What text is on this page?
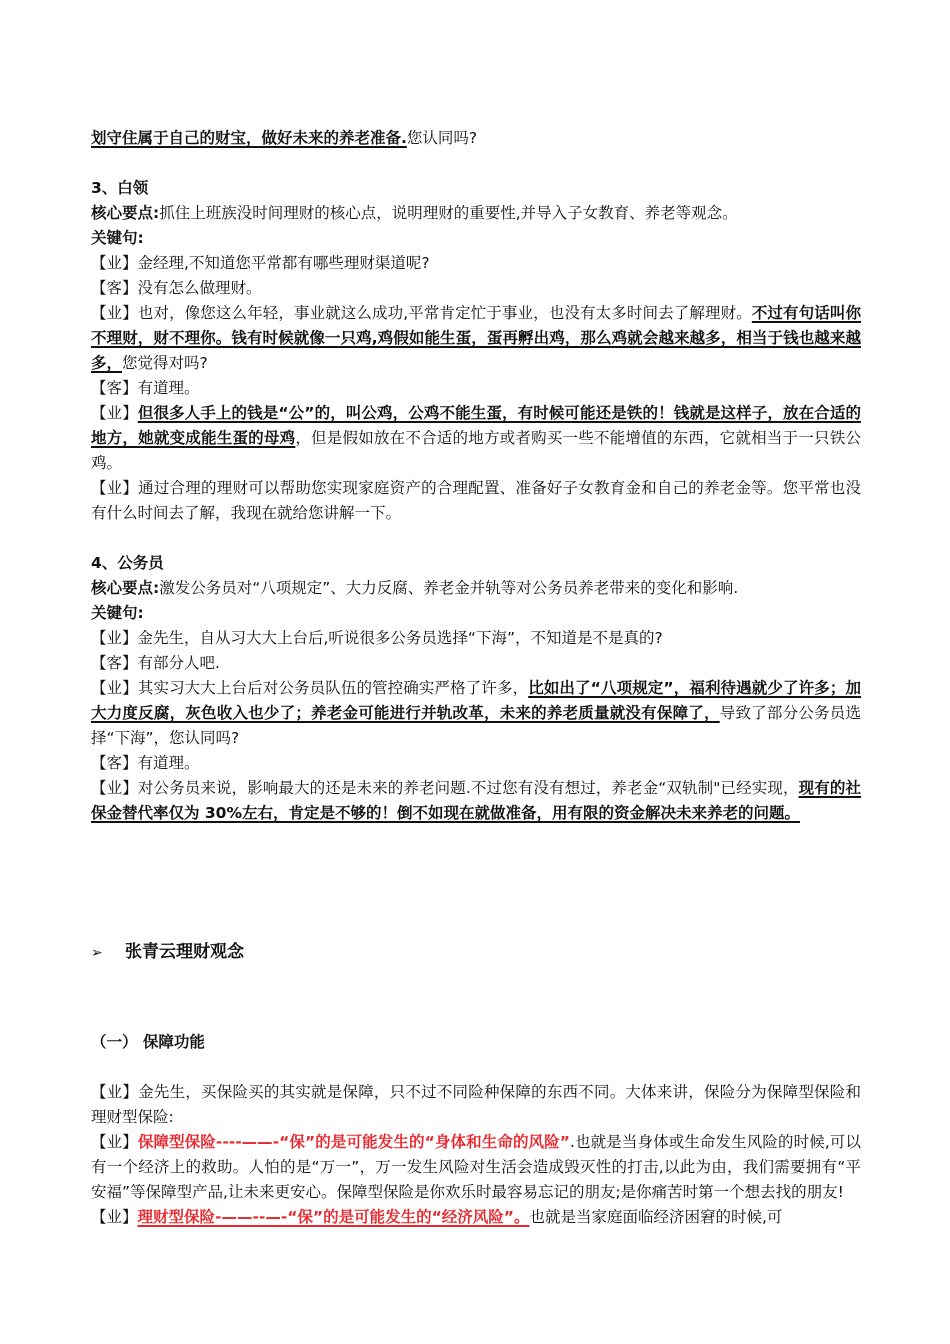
划守住属于自己的财宝，做好未来的养老准备.您认同吗?

3、白领

核心要点:抓住上班族没时间理财的核心点，说明理财的重要性,并导入子女教育、养老等观念。

关键句:

【业】金经理,不知道您平常都有哪些理财渠道呢?

【客】没有怎么做理财。

【业】也对，像您这么年轻，事业就这么成功,平常肯定忙于事业，也没有太多时间去了解理财。不过有句话叫你不理财，财不理你。钱有时候就像一只鸡,鸡假如能生蛋，蛋再孵出鸡，那么鸡就会越来越多，相当于钱也越来越多，您觉得对吗?

【客】有道理。

【业】但很多人手上的钱是“公”的，叫公鸡，公鸡不能生蛋，有时候可能还是铁的！钱就是这样子，放在合适的地方，她就变成能生蛋的母鸡，但是假如放在不合适的地方或者购买一些不能增值的东西，它就相当于一只铁公鸡。

【业】通过合理的理财可以帮助您实现家庭资产的合理配置、准备好子女教育金和自己的养老金等。您平常也没有什么时间去了解，我现在就给您讲解一下。

4、公务员

核心要点:激发公务员对“八项规定”、大力反腐、养老金并轨等对公务员养老带来的变化和影响.

关键句:

【业】金先生，自从习大大上台后,听说很多公务员选择“下海”，不知道是不是真的?

【客】有部分人吧.

【业】其实习大大上台后对公务员队伍的管控确实严格了许多，比如出了“八项规定”，福利待遇就少了许多；加大力度反腐，灰色收入也少了；养老金可能进行并轨改革，未来的养老质量就没有保障了，导致了部分公务员选择“下海”，您认同吗?

【客】有道理。

【业】对公务员来说，影响最大的还是未来的养老问题.不过您有没有想过，养老金“双轨制"已经实现，现有的社保金替代率仅为 30%左右，肯定是不够的！倒不如现在就做准备，用有限的资金解决未来养老的问题。

➢ 张青云理财观念

（一） 保障功能

【业】金先生，买保险买的其实就是保障，只不过不同险种保障的东西不同。大体来讲，保险分为保障型保险和理财型保险:

【业】保障型保险----——-“保”的是可能发生的“身体和生命的风险”.也就是当身体或生命发生风险的时候,可以有一个经济上的救助。人怕的是“万一”，万一发生风险对生活会造成毁灭性的打击,以此为由，我们需要拥有“平安福”等保障型产品,让未来更安心。保障型保险是你欢乐时最容易忘记的朋友;是你痛苦时第一个想去找的朋友!

【业】理财型保险-——--—-“保”的是可能发生的“经济风险”。也就是当家庭面临经济困窘的时候,可
